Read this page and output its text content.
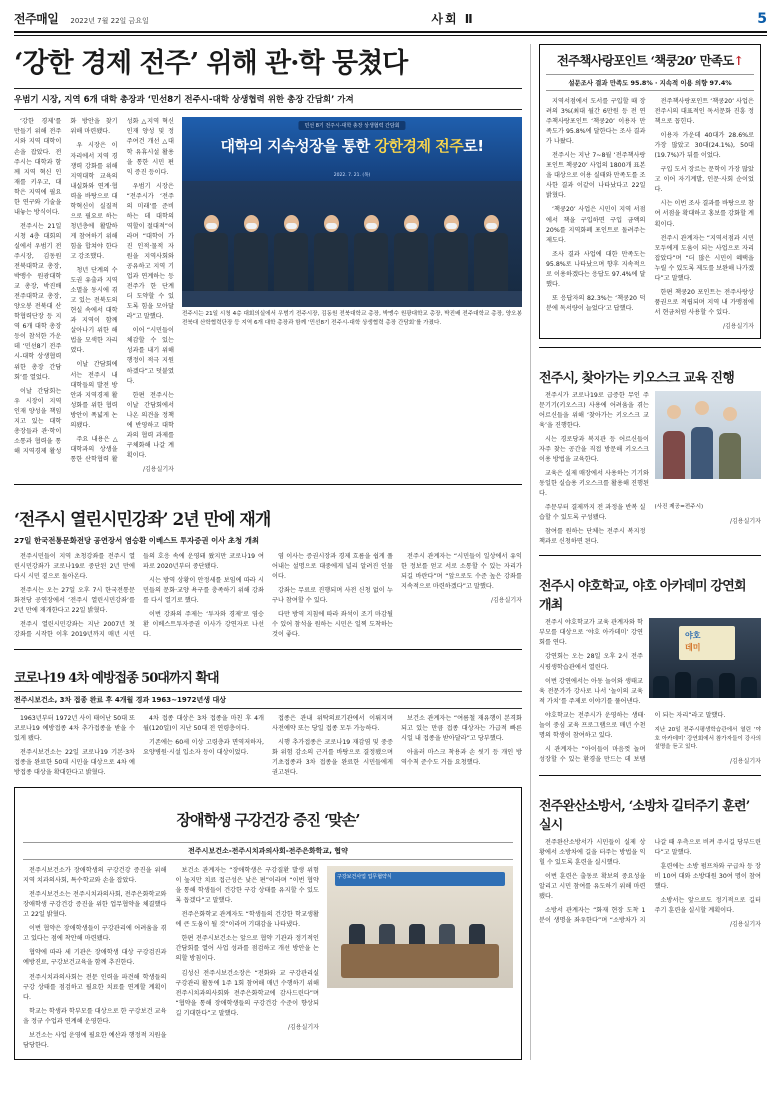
전주매일 2022년 7월 22일 금요일	사회 Ⅱ	5
‘강한 경제 전주’ 위해 관·학 뭉쳤다
우범기 시장, 지역 6개 대학 총장과 ‘민선8기 전주시-대학 상생협력 위한 총장 간담회’ 가져
민선 8기 전주시-대학 총장 상생협력 간담회
대학의 지속성장을 통한 강한경제 전주로!
2022. 7. 21. (목)
전주시는 21일 시청 4층 대회의실에서 우범기 전주시장, 김동원 전북대학교 총장, 박맹수 원광대학교 총장, 박진배 전주대학교 총장, 양오봉 전북대 산학협력단장 등 지역 6개 대학 총장과 함께 ‘민선8기 전주시-대학 상생협력 총장 간담회’를 가졌다.

‘강한 경제’를 만들기 위해 전주시와 지역 대학이 손을 잡았다. 전주시는 대학과 함께 지역 혁신 인재를 키우고, 대학은 지역에 필요한 연구와 기술을 내놓는 방식이다.

전주시는 21일 시청 4층 대회의실에서 우범기 전주시장, 김동원 전북대학교 총장, 박맹수 원광대학교 총장, 박진배 전주대학교 총장, 양오봉 전북대 산학협력단장 등 지역 6개 대학 총장 등이 참석한 가운데 ‘민선8기 전주시-대학 상생협력 위한 총장 간담회’를 열었다.

이날 간담회는 우 시장이 지역 인재 양성을 책임지고 있는 대학 총장들과 관·학이 소통과 협력을 통해 지역경제 활성화 방안을 찾기 위해 마련됐다.

우 시장은 이 자리에서 지역 경쟁력 강화를 위해 지역대학 교육의 내실화와 연계·협력을 바탕으로 대학혁신이 실질적으로 필요로 하는 청년층에 활발하게 참여하기 위해 힘을 합쳐야 한다고 강조했다.

청년 단계의 수도권 유출과 지역소멸을 동시에 겪고 있는 전북도의 현실 속에서 대학과 지역이 함께 살아나기 위한 해법을 모색한 자리였다.

이날 간담회에서는 전주시 내 대학들의 발전 방안과 지역경제 활성화를 위한 협력 방안이 폭넓게 논의됐다.

주요 내용은 △대학과의 상생을 통한 산학협력 활성화 △지역 혁신인재 양성 및 정주여건 개선 △대학 유휴시설 활용을 통한 시민 편익 증진 등이다.

우범기 시장은 “전주시가 ‘전주의 미래’를 준비하는 데 대학의 역할이 절대적”이라며 “대학이 가진 인적·물적 자원을 지역사회와 공유하고 지역 기업과 연계하는 등 전주가 한 단계 더 도약할 수 있도록 힘을 모아달라”고 말했다.

이어 “시민들이 체감할 수 있는 성과를 내기 위해 행정이 적극 지원하겠다”고 덧붙였다.

한편 전주시는 이날 간담회에서 나온 의견을 정책에 반영하고 대학과의 협력 과제를 구체화해 나갈 계획이다.

/김용실기자
‘전주시 열린시민강좌’ 2년 만에 재개
27일 한국전통문화전당 공연장서 염승환 이베스트 투자증권 이사 초청 개최

전주시민들이 지역 초청강좌를 전주시 열린시민강좌가 코로나19로 중단된 2년 만에 다시 시민 곁으로 돌아온다.

전주시는 오는 27일 오후 7시 한국전통문화전당 공연장에서 ‘전주시 열린시민강좌’를 2년 만에 재개한다고 22일 밝혔다.

전주시 열린시민강좌는 지난 2007년 첫 강좌를 시작한 이후 2019년까지 매년 시민들의 호응 속에 운영돼 왔지만 코로나19 여파로 2020년부터 중단됐다.

시는 방역 상황이 안정세를 보임에 따라 시민들의 문화·교양 욕구를 충족하기 위해 강좌를 다시 열기로 했다.

이번 강좌의 주제는 ‘투자와 경제’로 염승환 이베스트투자증권 이사가 강연자로 나선다.

염 이사는 증권시장과 경제 흐름을 쉽게 풀어내는 설명으로 대중에게 널리 알려진 인물이다.

강좌는 무료로 진행되며 사전 신청 없이 누구나 참여할 수 있다.

다만 방역 지침에 따라 좌석이 조기 마감될 수 있어 참석을 원하는 시민은 일찍 도착하는 것이 좋다.

전주시 관계자는 “시민들이 일상에서 유익한 정보를 얻고 서로 소통할 수 있는 자리가 되길 바란다”며 “앞으로도 수준 높은 강좌를 지속적으로 마련하겠다”고 말했다.

/김용실기자
코로나19 4차 예방접종 50대까지 확대
전주시보건소, 3차 접종 완료 후 4개월 경과 1963~1972년생 대상

1963년부터 1972년 사이 태어난 50대 또 코로나19 예방접종 4차 추가접종을 받을 수 있게 됐다.

전주시보건소는 22일 코로나19 기본·3차 접종을 완료한 50대 시민을 대상으로 4차 예방접종 대상을 확대한다고 밝혔다.

4차 접종 대상은 3차 접종을 마친 후 4개월(120일)이 지난 50대 전 연령층이다.

기존에는 60세 이상 고령층과 면역저하자, 요양병원·시설 입소자 등이 대상이었다.

접종은 관내 위탁의료기관에서 이뤄지며 사전예약 또는 당일 접종 모두 가능하다.

시행 추가접종은 코로나19 재감염 및 중증화 위험 감소의 근거를 바탕으로 결정됐으며 기초접종과 3차 접종을 완료한 시민들에게 권고된다.

보건소 관계자는 “여름철 재유행이 본격화되고 있는 만큼 접종 대상자는 가급적 빠른 시일 내 접종을 받아달라”고 당부했다.

아울러 마스크 착용과 손 씻기 등 개인 방역수칙 준수도 거듭 요청했다.

장애학생 구강건강 증진 ‘맞손’
전주시보건소-전주시치과의사회-전주은화학교, 협약
구강보건사업 업무협약식

전주시보건소가 장애학생의 구강건강 증진을 위해 지역 치과의사회, 특수학교와 손을 잡았다.

전주시보건소는 전주시치과의사회, 전주은화학교와 장애학생 구강건강 증진을 위한 업무협약을 체결했다고 22일 밝혔다.

이번 협약은 장애학생들이 구강관리에 어려움을 겪고 있다는 점에 착안해 마련됐다.

협약에 따라 세 기관은 장애학생 대상 구강검진과 예방진료, 구강보건교육을 함께 추진한다.

전주시치과의사회는 전문 인력을 파견해 학생들의 구강 상태를 점검하고 필요한 치료를 연계할 계획이다.

학교는 학생과 학부모를 대상으로 한 구강보건 교육을 정규 수업과 연계해 운영한다.

보건소는 사업 운영에 필요한 예산과 행정적 지원을 담당한다.

보건소 관계자는 “장애학생은 구강질환 발생 위험이 높지만 치료 접근성은 낮은 편”이라며 “이번 협약을 통해 학생들이 건강한 구강 상태를 유지할 수 있도록 돕겠다”고 말했다.

전주은화학교 관계자도 “학생들의 건강한 학교생활에 큰 도움이 될 것”이라며 기대감을 나타냈다.

한편 전주시보건소는 앞으로 협약 기관과 정기적인 간담회를 열어 사업 성과를 점검하고 개선 방안을 논의할 방침이다.

김성신 전주시보건소장은 “전화와 교 구강관리실 구강관리 활동에 1주 1회 참여해 매년 수행하기 위해 전주시치과의사회와 전주은화학교에 감사드린다”며 “협약을 통해 장애학생들의 구강건강 수준이 향상되길 기대한다”고 말했다.

/김용실기자
전주책사랑포인트 ‘책쿵20’ 만족도↑
설문조사 결과 만족도 95.8% · 지속적 이용 의향 97.4%

지역서점에서 도서를 구입할 때 장려의 3%(최대 월간 6만원 등 전 연주책사랑포인트 ‘책쿵20’ 이용자 만족도가 95.8%에 달한다는 조사 결과가 나왔다.

전주시는 지난 7~8월 ‘전주책사랑포인트 책쿵20’ 사업의 1800개 표본을 대상으로 이용 실태와 만족도를 조사한 결과 이같이 나타났다고 22일 밝혔다.

‘책쿵20’ 사업은 시민이 지역 서점에서 책을 구입하면 구입 금액의 20%를 지역화폐 포인트로 돌려주는 제도다.

조사 결과 사업에 대한 만족도는 95.8%로 나타났으며 향후 지속적으로 이용하겠다는 응답도 97.4%에 달했다.

또 응답자의 82.3%는 ‘책쿵20 덕분에 독서량이 늘었다’고 답했다.

전주책사랑포인트 ‘책쿵20’ 사업은 전주시의 대표적인 독서문화 진흥 정책으로 꼽힌다.

이용자 가운데 40대가 28.6%로 가장 많았고 30대(24.1%), 50대(19.7%)가 뒤를 이었다.

구입 도서 장르는 문학이 가장 많았고 이어 자기계발, 인문·사회 순이었다.

시는 이번 조사 결과를 바탕으로 참여 서점을 확대하고 홍보를 강화할 계획이다.

전주시 관계자는 “지역서점과 시민 모두에게 도움이 되는 사업으로 자리 잡았다”며 “더 많은 시민이 혜택을 누릴 수 있도록 제도를 보완해 나가겠다”고 말했다.

한편 책쿵20 포인트는 전주사랑상품권으로 적립되며 지역 내 가맹점에서 현금처럼 사용할 수 있다.

/김용실기자
전주시, 찾아가는 키오스크 교육 진행

전주시가 코로나19로 급증한 무인 주문기기(키오스크) 사용에 어려움을 겪는 어르신들을 위해 ‘찾아가는 키오스크 교육’을 진행한다.

시는 경로당과 복지관 등 어르신들이 자주 찾는 공간을 직접 방문해 키오스크 이용 방법을 교육한다.

교육은 실제 매장에서 사용하는 기기와 동일한 실습용 키오스크를 활용해 진행된다.

주문부터 결제까지 전 과정을 반복 실습할 수 있도록 구성됐다.

참여를 원하는 단체는 전주시 복지정책과로 신청하면 된다.

(사진 제공=전주시)

/김용실기자
전주시 야호학교, 야호 아카데미 강연회 개최

전주시 야호학교가 교육 관계자와 학부모를 대상으로 ‘야호 아카데미’ 강연회를 연다.

강연회는 오는 28일 오후 2시 전주시평생학습관에서 열린다.

이번 강연에서는 아동 놀이와 생태교육 전문가가 강사로 나서 ‘놀이의 교육적 가치’를 주제로 이야기를 풀어낸다.

야호
데미

야호학교는 전주시가 운영하는 생태·놀이 중심 교육 프로그램으로 매년 수천 명의 학생이 참여하고 있다.

시 관계자는 “아이들이 마음껏 놀며 성장할 수 있는 환경을 만드는 데 보탬이 되는 자리”라고 말했다.

지난 20일 전주시평생학습관에서 열린 ‘야호 아카데미’ 강연회에서 참가자들이 강사의 설명을 듣고 있다.

/김용실기자
전주완산소방서, ‘소방차 길터주기 훈련’ 실시

전주완산소방서가 시민들이 실제 상황에서 소방차에 길을 터주는 방법을 익힐 수 있도록 훈련을 실시했다.

이번 훈련은 출동로 확보의 중요성을 알리고 시민 참여를 유도하기 위해 마련됐다.

소방서 관계자는 “화재 현장 도착 1분이 생명을 좌우한다”며 “소방차가 지나갈 때 우측으로 비켜 주시길 당부드린다”고 말했다.

훈련에는 소방 펌프차와 구급차 등 장비 10여 대와 소방대원 30여 명이 참여했다.

소방서는 앞으로도 정기적으로 길터주기 훈련을 실시할 계획이다.

/김용실기자
